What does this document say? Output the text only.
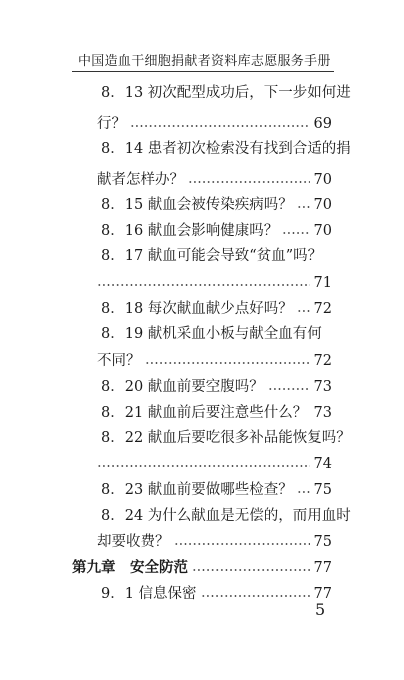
中国造血干细胞捐献者资料库志愿服务手册
8．13 初次配型成功后，下一步如何进
行？	69
8．14 患者初次检索没有找到合适的捐
献者怎样办？	70
8．15 献血会被传染疾病吗？ 70
8．16 献血会影响健康吗？ 70
8．17 献血可能会导致“贫血”吗？
71
8．18 每次献血献少点好吗？ 72
8．19 献机采血小板与献全血有何
不同？	72
8．20 献血前要空腹吗？	73
8．21 献血前后要注意些什么？ 73
8．22 献血后要吃很多补品能恢复吗？
74
8．23 献血前要做哪些检查？ 75
8．24 为什么献血是无偿的，而用血时
却要收费？	75
第九章　安全防范	77
9．1 信息保密	77
5
